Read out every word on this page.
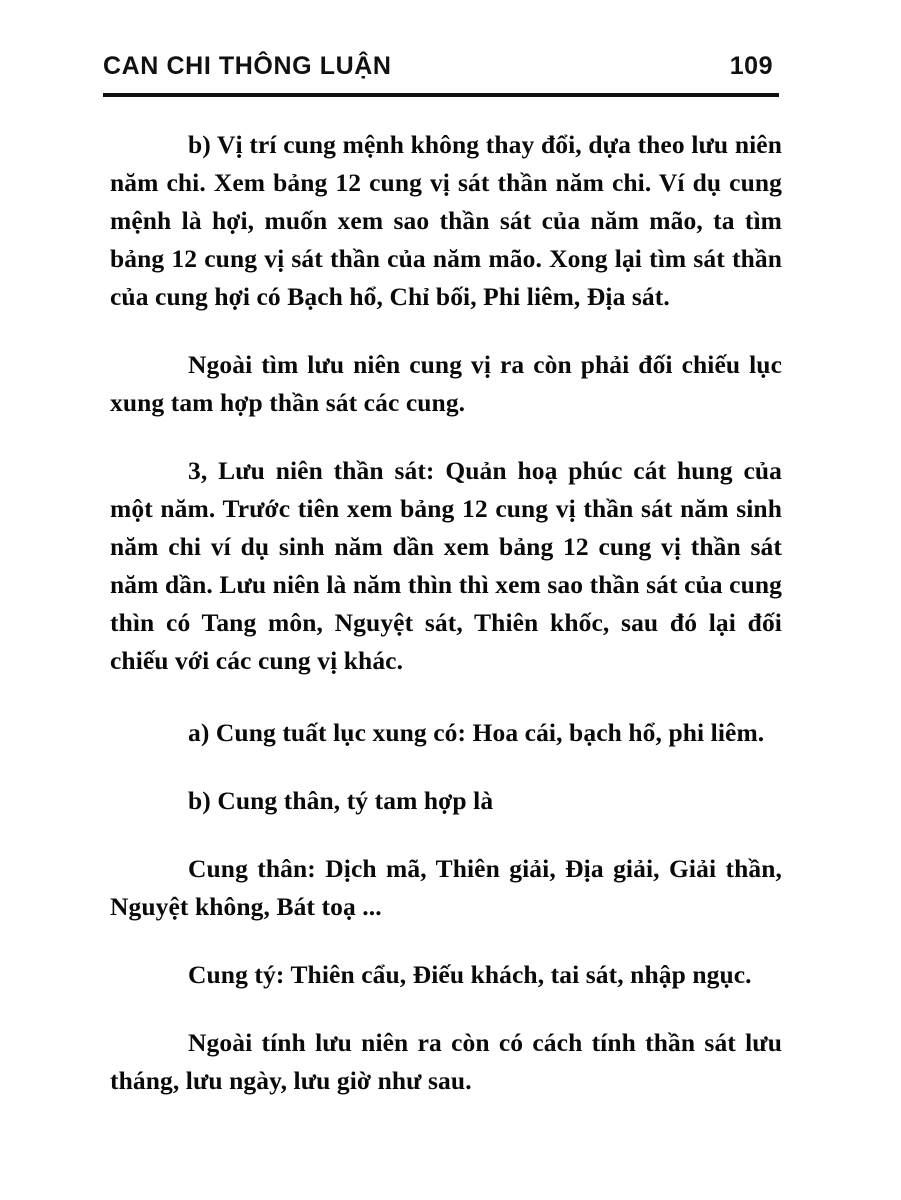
CAN CHI THÔNG LUẬN	109

b) Vị trí cung mệnh không thay đổi, dựa theo lưu niên năm chi. Xem bảng 12 cung vị sát thần năm chi. Ví dụ cung mệnh là hợi, muốn xem sao thần sát của năm mão, ta tìm bảng 12 cung vị sát thần của năm mão. Xong lại tìm sát thần của cung hợi có Bạch hổ, Chỉ bối, Phi liêm, Địa sát.

Ngoài tìm lưu niên cung vị ra còn phải đối chiếu lục xung tam hợp thần sát các cung.

3, Lưu niên thần sát: Quản hoạ phúc cát hung của một năm. Trước tiên xem bảng 12 cung vị thần sát năm sinh năm chi ví dụ sinh năm dần xem bảng 12 cung vị thần sát năm dần. Lưu niên là năm thìn thì xem sao thần sát của cung thìn có Tang môn, Nguyệt sát, Thiên khốc, sau đó lại đối chiếu với các cung vị khác.

a) Cung tuất lục xung có: Hoa cái, bạch hổ, phi liêm.

b) Cung thân, tý tam hợp là

Cung thân: Dịch mã, Thiên giải, Địa giải, Giải thần, Nguyệt không, Bát toạ ...

Cung tý: Thiên cẩu, Điếu khách, tai sát, nhập ngục.

Ngoài tính lưu niên ra còn có cách tính thần sát lưu tháng, lưu ngày, lưu giờ như sau.
